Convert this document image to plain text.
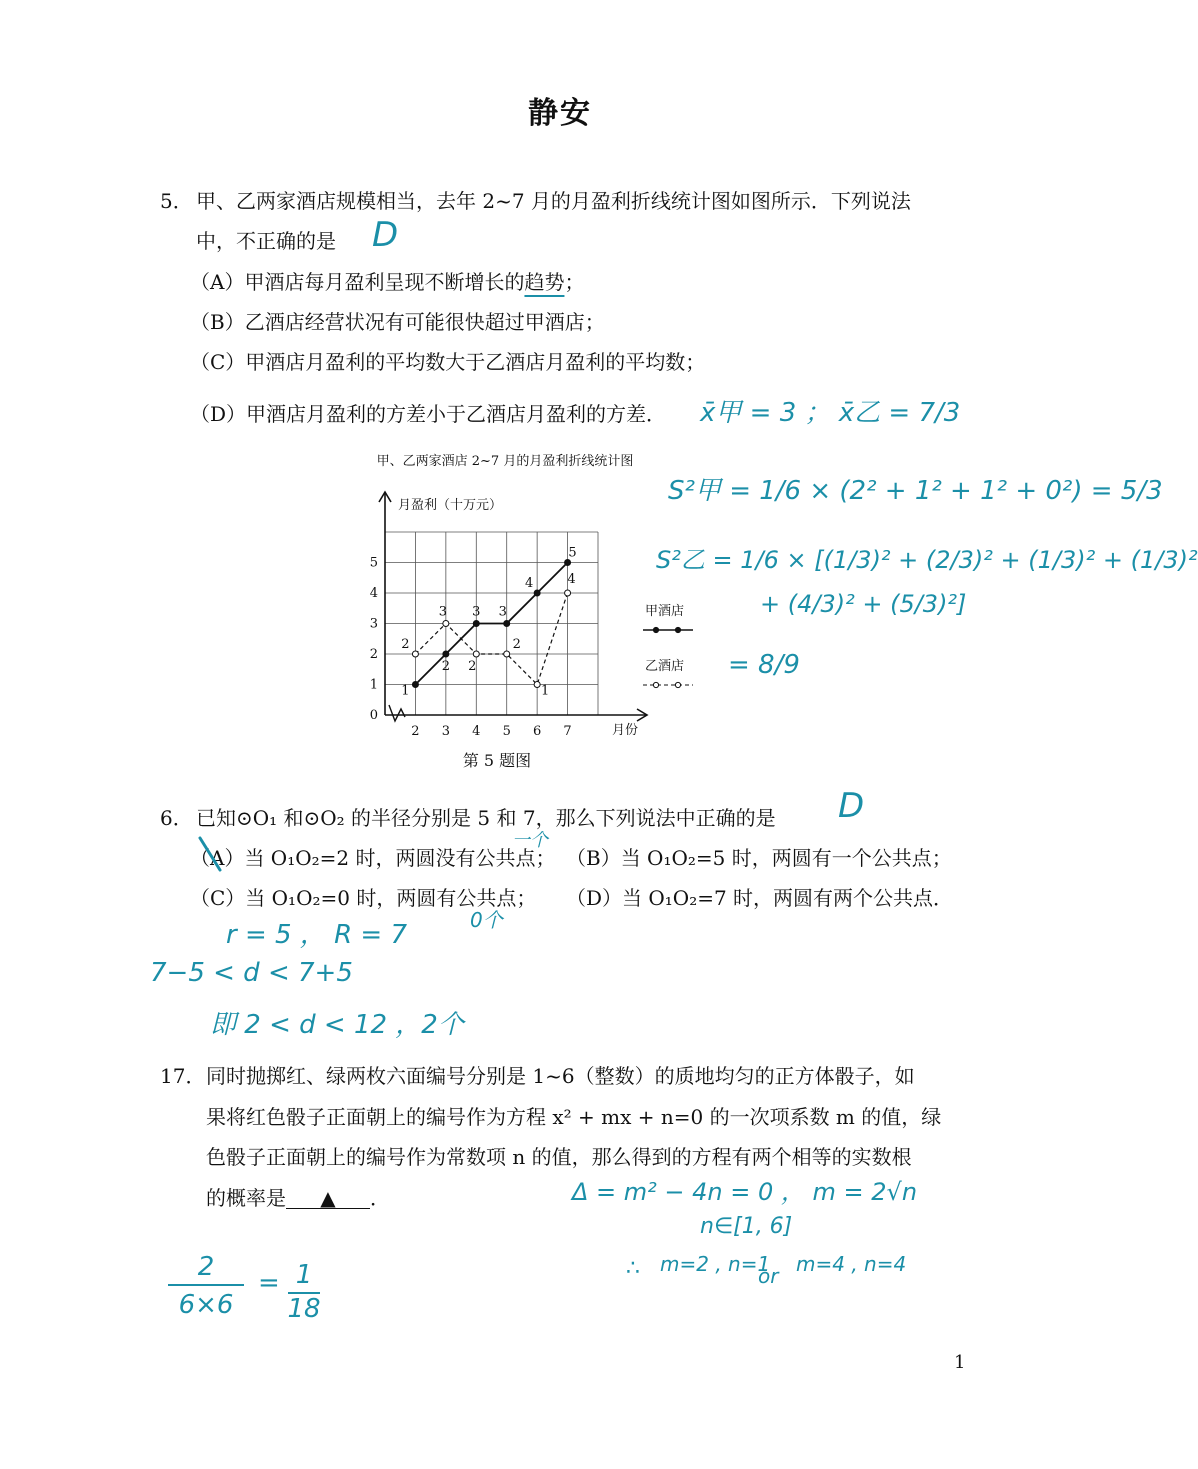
静安
5． 甲、乙两家酒店规模相当，去年 2~7 月的月盈利折线统计图如图所示．下列说法
中，不正确的是
（A）甲酒店每月盈利呈现不断增长的趋势；
（B）乙酒店经营状况有可能很快超过甲酒店；
（C）甲酒店月盈利的平均数大于乙酒店月盈利的平均数；
（D）甲酒店月盈利的方差小于乙酒店月盈利的方差．
甲、乙两家酒店 2~7 月的月盈利折线统计图
月盈利（十万元）
月份
0
1
2
3
4
5
2 3 4 5 6 7
1
2
3 3
4
5
2
3
2
2
1
4
甲酒店
乙酒店
第 5 题图
6． 已知⊙O₁ 和⊙O₂ 的半径分别是 5 和 7，那么下列说法中正确的是
（A）当 O₁O₂=2 时，两圆没有公共点； （B）当 O₁O₂=5 时，两圆有一个公共点；
（C）当 O₁O₂=0 时，两圆有公共点； （D）当 O₁O₂=7 时，两圆有两个公共点．
17． 同时抛掷红、绿两枚六面编号分别是 1~6（整数）的质地均匀的正方体骰子，如
果将红色骰子正面朝上的编号作为方程 x² + mx + n=0 的一次项系数 m 的值，绿
色骰子正面朝上的编号作为常数项 n 的值，那么得到的方程有两个相等的实数根
的概率是 ▲ ．
D
x̄甲 = 3 ； x̄乙 = 7/3
S²甲 = 1/6 × (2² + 1² + 1² + 0²) = 5/3
S²乙 = 1/6 × [(1/3)² + (2/3)² + (1/3)² + (1/3)²
+ (4/3)² + (5/3)²]
= 8/9
D
一个
0个
r = 5 ， R = 7
7−5 < d < 7+5
即 2 < d < 12 ，2个
Δ = m² − 4n = 0 ， m = 2√n
n∈[1, 6]
∴ m=2 , n=1
or m=4 , n=4
2
6×6
= 1
18
1
